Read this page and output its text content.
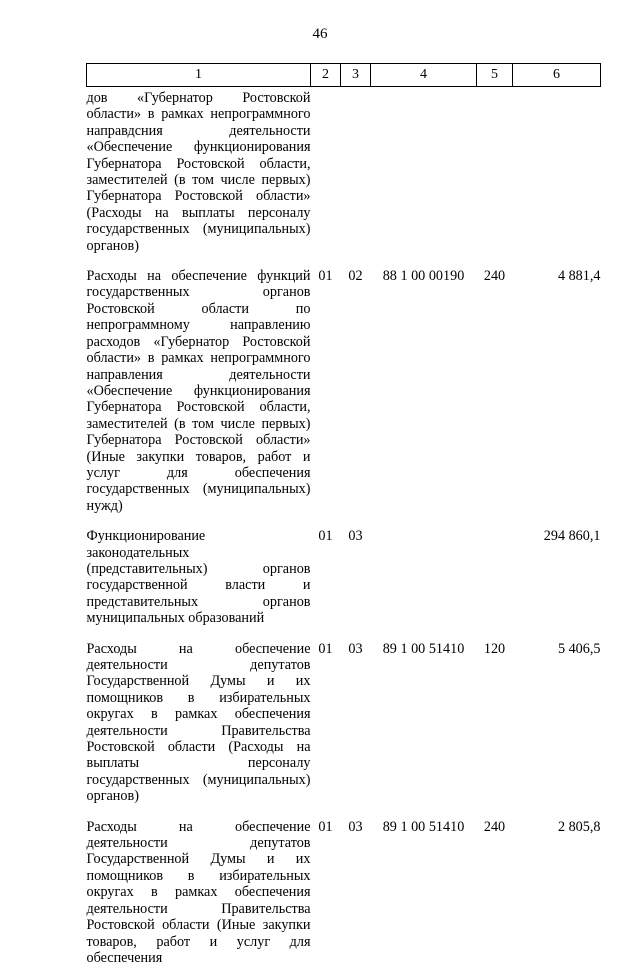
46
1	2	3	4	5	6
дов «Губернатор Ростовской области» в рамках непрограммного направдсния деятельности «Обеспечение функционирования Губернатора Ростовской области, заместителей (в том числе первых) Губернатора Ростовской области» (Расходы на выплаты персоналу государственных (муниципальных) органов)					
Расходы на обеспечение функций государственных органов Ростовской области по непрограммному направлению расходов «Губернатор Ростовской области» в рамках непрограммного направления деятельности «Обеспечение функционирования Губернатора Ростовской области, заместителей (в том числе первых) Губернатора Ростовской области» (Иные закупки товаров, работ и услуг для обеспечения государственных (муниципальных) нужд)	01	02	88 1 00 00190	240	4 881,4
Функционирование законодательных (представительных) органов государственной власти и представительных органов муниципальных образований	01	03			294 860,1
Расходы на обеспечение деятельности депутатов Государственной Думы и их помощников в избирательных округах в рамках обеспечения деятельности Правительства Ростовской области (Расходы на выплаты персоналу государственных (муниципальных) органов)	01	03	89 1 00 51410	120	5 406,5
Расходы на обеспечение деятельности депутатов Государственной Думы и их помощников в избирательных округах в рамках обеспечения деятельности Правительства Ростовской области (Иные закупки товаров, работ и услуг для обеспечения	01	03	89 1 00 51410	240	2 805,8
